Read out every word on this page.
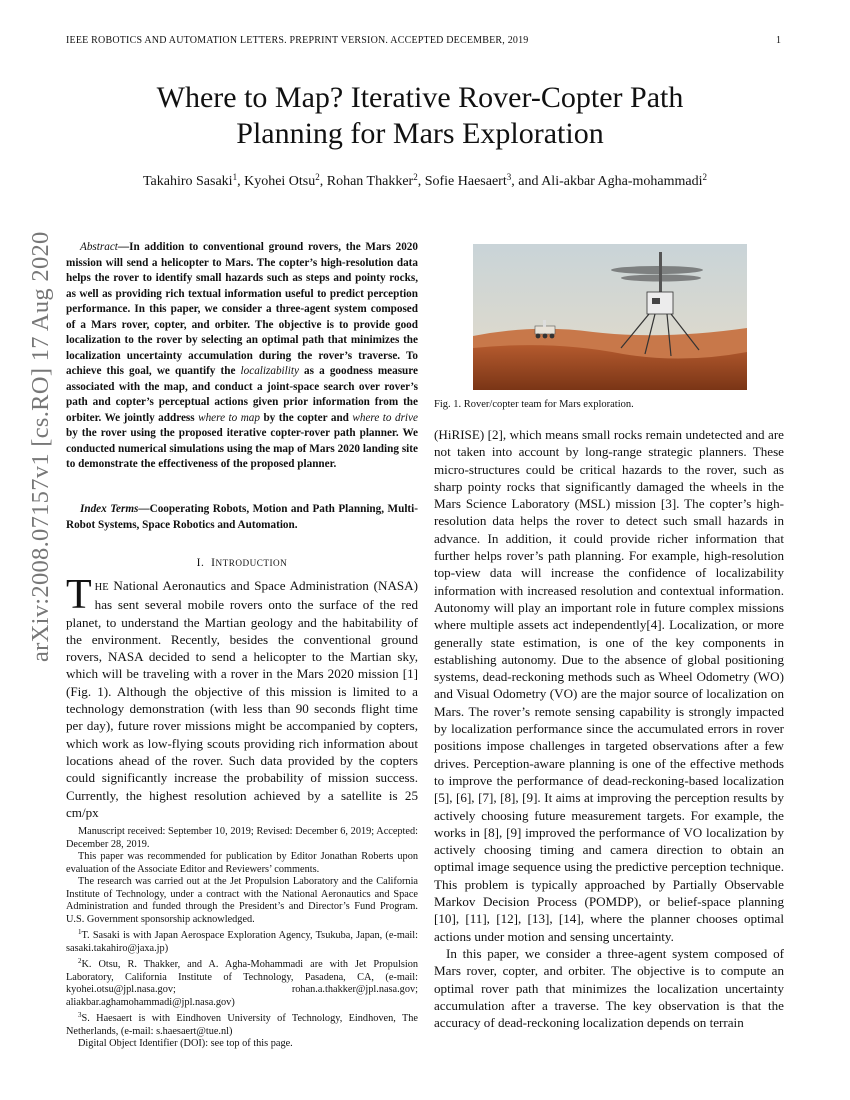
IEEE ROBOTICS AND AUTOMATION LETTERS. PREPRINT VERSION. ACCEPTED DECEMBER, 2019	1
arXiv:2008.07157v1 [cs.RO] 17 Aug 2020
Where to Map? Iterative Rover-Copter Path
Planning for Mars Exploration
Takahiro Sasaki$^1$, Kyohei Otsu$^2$, Rohan Thakker$^2$, Sofie Haesaert$^3$, and Ali-akbar Agha-mohammadi$^2$
Abstract—In addition to conventional ground rovers, the Mars 2020 mission will send a helicopter to Mars. The copter’s high-resolution data helps the rover to identify small hazards such as steps and pointy rocks, as well as providing rich textual information useful to predict perception performance. In this paper, we consider a three-agent system composed of a Mars rover, copter, and orbiter. The objective is to provide good localization to the rover by selecting an optimal path that minimizes the localization uncertainty accumulation during the rover’s traverse. To achieve this goal, we quantify the localizability as a goodness measure associated with the map, and conduct a joint-space search over rover’s path and copter’s perceptual actions given prior information from the orbiter. We jointly address where to map by the copter and where to drive by the rover using the proposed iterative copter-rover path planner. We conducted numerical simulations using the map of Mars 2020 landing site to demonstrate the effectiveness of the proposed planner.
Index Terms—Cooperating Robots, Motion and Path Planning, Multi-Robot Systems, Space Robotics and Automation.
I. INTRODUCTION
THE National Aeronautics and Space Administration (NASA) has sent several mobile rovers onto the surface of the red planet, to understand the Martian geology and the habitability of the environment. Recently, besides the conventional ground rovers, NASA decided to send a helicopter to the Martian sky, which will be traveling with a rover in the Mars 2020 mission [1] (Fig. 1). Although the objective of this mission is limited to a technology demonstration (with less than 90 seconds flight time per day), future rover missions might be accompanied by copters, which work as low-flying scouts providing rich information about locations ahead of the rover. Such data provided by the copters could significantly increase the probability of mission success. Currently, the highest resolution achieved by a satellite is 25 cm/px

Manuscript received: September 10, 2019; Revised: December 6, 2019; Accepted: December 28, 2019.

This paper was recommended for publication by Editor Jonathan Roberts upon evaluation of the Associate Editor and Reviewers’ comments.

The research was carried out at the Jet Propulsion Laboratory and the California Institute of Technology, under a contract with the National Aeronautics and Space Administration and funded through the President’s and Director’s Fund Program. U.S. Government sponsorship acknowledged.

$^1$T. Sasaki is with Japan Aerospace Exploration Agency, Tsukuba, Japan, (e-mail: sasaki.takahiro@jaxa.jp)

$^2$K. Otsu, R. Thakker, and A. Agha-Mohammadi are with Jet Propulsion Laboratory, California Institute of Technology, Pasadena, CA, (e-mail: kyohei.otsu@jpl.nasa.gov; rohan.a.thakker@jpl.nasa.gov; aliakbar.aghamohammadi@jpl.nasa.gov)

$^3$S. Haesaert is with Eindhoven University of Technology, Eindhoven, The Netherlands, (e-mail: s.haesaert@tue.nl)

Digital Object Identifier (DOI): see top of this page.

Fig. 1. Rover/copter team for Mars exploration.

(HiRISE) [2], which means small rocks remain undetected and are not taken into account by long-range strategic planners. These micro-structures could be critical hazards to the rover, such as sharp pointy rocks that significantly damaged the wheels in the Mars Science Laboratory (MSL) mission [3]. The copter’s high-resolution data helps the rover to detect such small hazards in advance. In addition, it could provide richer information that further helps rover’s path planning. For example, high-resolution top-view data will increase the confidence of localizability information with increased resolution and contextual information. Autonomy will play an important role in future complex missions where multiple assets act independently[4]. Localization, or more generally state estimation, is one of the key components in establishing autonomy. Due to the absence of global positioning systems, dead-reckoning methods such as Wheel Odometry (WO) and Visual Odometry (VO) are the major source of localization on Mars. The rover’s remote sensing capability is strongly impacted by localization performance since the accumulated errors in rover positions impose challenges in targeted observations after a few drives. Perception-aware planning is one of the effective methods to improve the performance of dead-reckoning-based localization [5], [6], [7], [8], [9]. It aims at improving the perception results by actively choosing future measurement targets. For example, the works in [8], [9] improved the performance of VO localization by actively choosing timing and camera direction to obtain an optimal image sequence using the predictive perception technique. This problem is typically approached by Partially Observable Markov Decision Process (POMDP), or belief-space planning [10], [11], [12], [13], [14], where the planner chooses optimal actions under motion and sensing uncertainty.

In this paper, we consider a three-agent system composed of Mars rover, copter, and orbiter. The objective is to compute an optimal rover path that minimizes the localization uncertainty accumulation after a traverse. The key observation is that the accuracy of dead-reckoning localization depends on terrain
